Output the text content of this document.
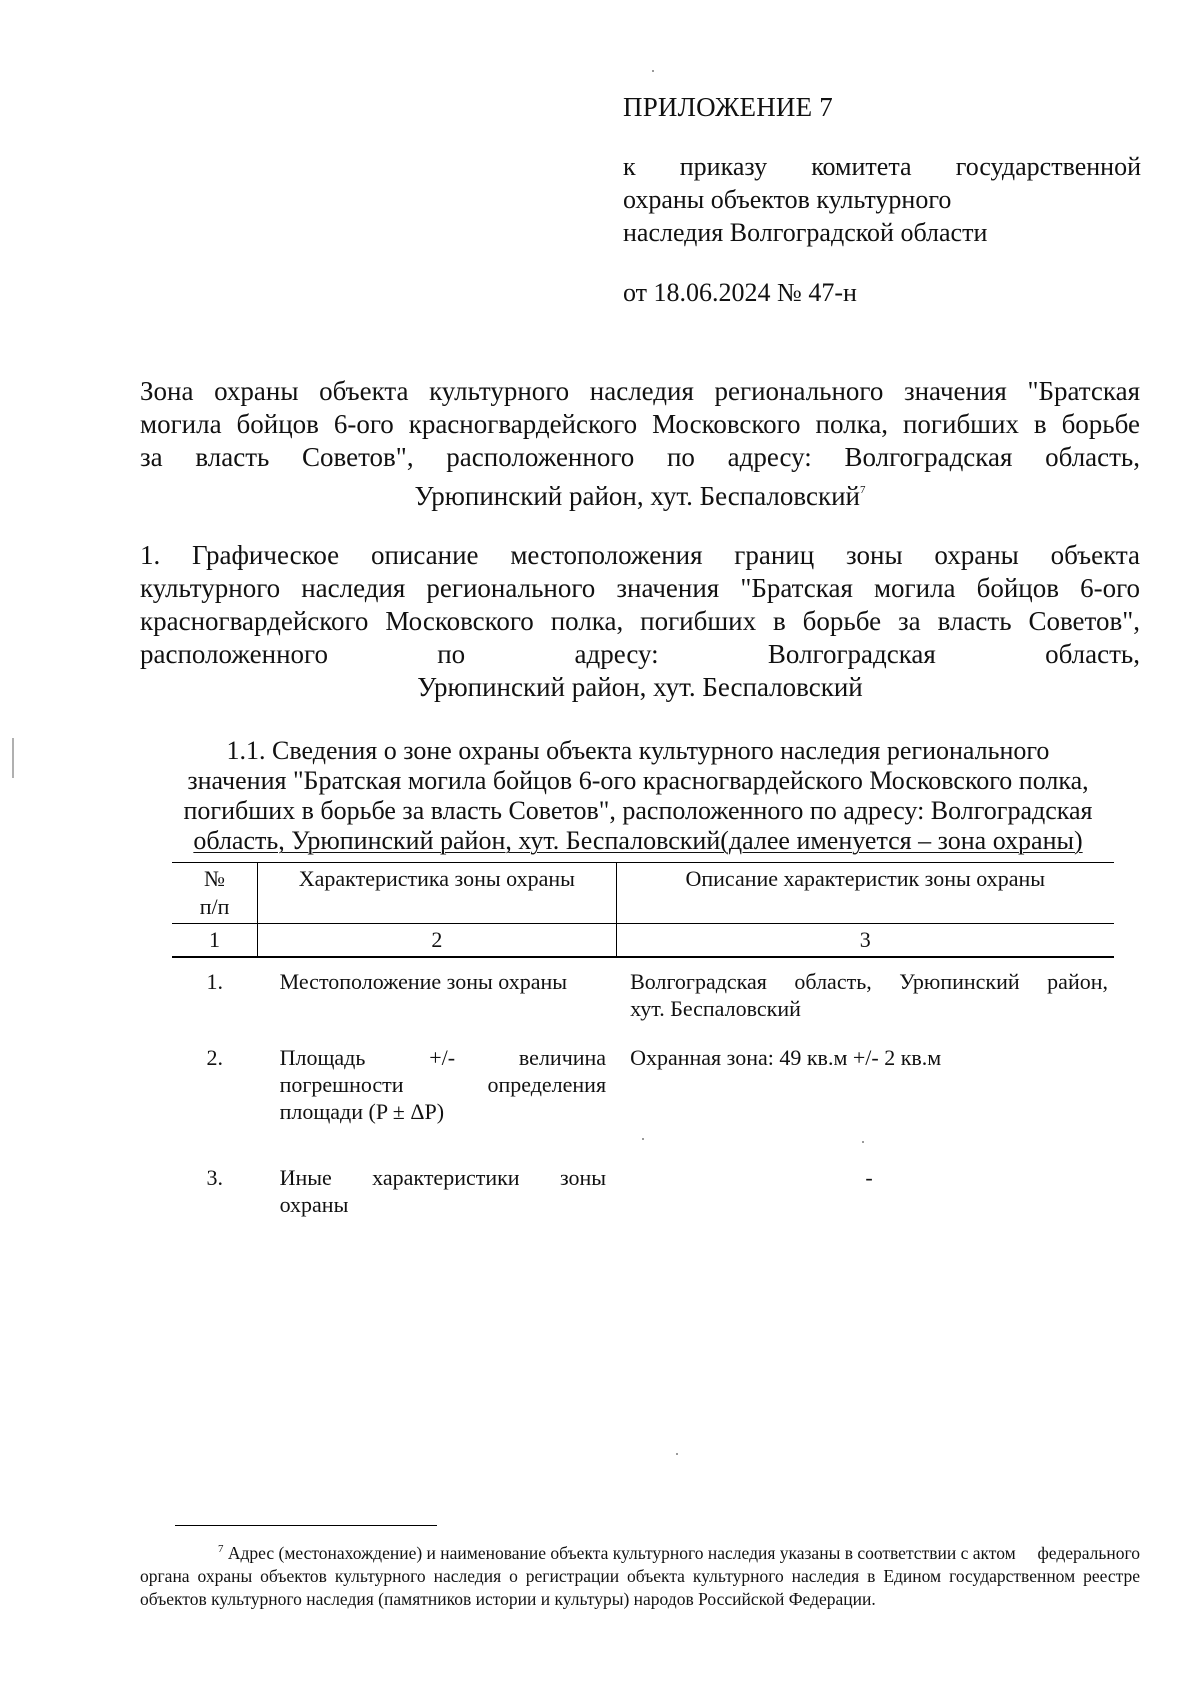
ПРИЛОЖЕНИЕ 7
к приказу комитета государственной
охраны объектов культурного
наследия Волгоградской области
от 18.06.2024 № 47-н
Зона охраны объекта культурного наследия регионального значения "Братская
могила бойцов 6-ого красногвардейского Московского полка, погибших в борьбе
за власть Советов", расположенного по адресу: Волгоградская область,
Урюпинский район, хут. Беспаловский$^7$
1. Графическое описание местоположения границ зоны охраны объекта
культурного наследия регионального значения "Братская могила бойцов 6-ого
красногвардейского Московского полка, погибших в борьбе за власть Советов",
расположенного по адресу: Волгоградская область,
Урюпинский район, хут. Беспаловский
1.1. Сведения о зоне охраны объекта культурного наследия регионального
значения "Братская могила бойцов 6-ого красногвардейского Московского полка,
погибших в борьбе за власть Советов", расположенного по адресу: Волгоградская
область, Урюпинский район, хут. Беспаловский(далее именуется – зона охраны)
№
п/п	Характеристика зоны охраны	Описание характеристик зоны охраны
1	2	3
1.	Местоположение зоны охраны	Волгоградская область, Урюпинский район,
хут. Беспаловский
2.	Площадь +/- величина
погрешности определения
площади (P ± ΔP)	Охранная зона: 49 кв.м +/- 2 кв.м
3.	Иные характеристики зоны
охраны	-
$^7$ Адрес (местонахождение) и наименование объекта культурного наследия указаны в соответствии с актом федерального органа охраны объектов культурного наследия о регистрации объекта культурного наследия в Едином государственном реестре объектов культурного наследия (памятников истории и культуры) народов Российской Федерации.
